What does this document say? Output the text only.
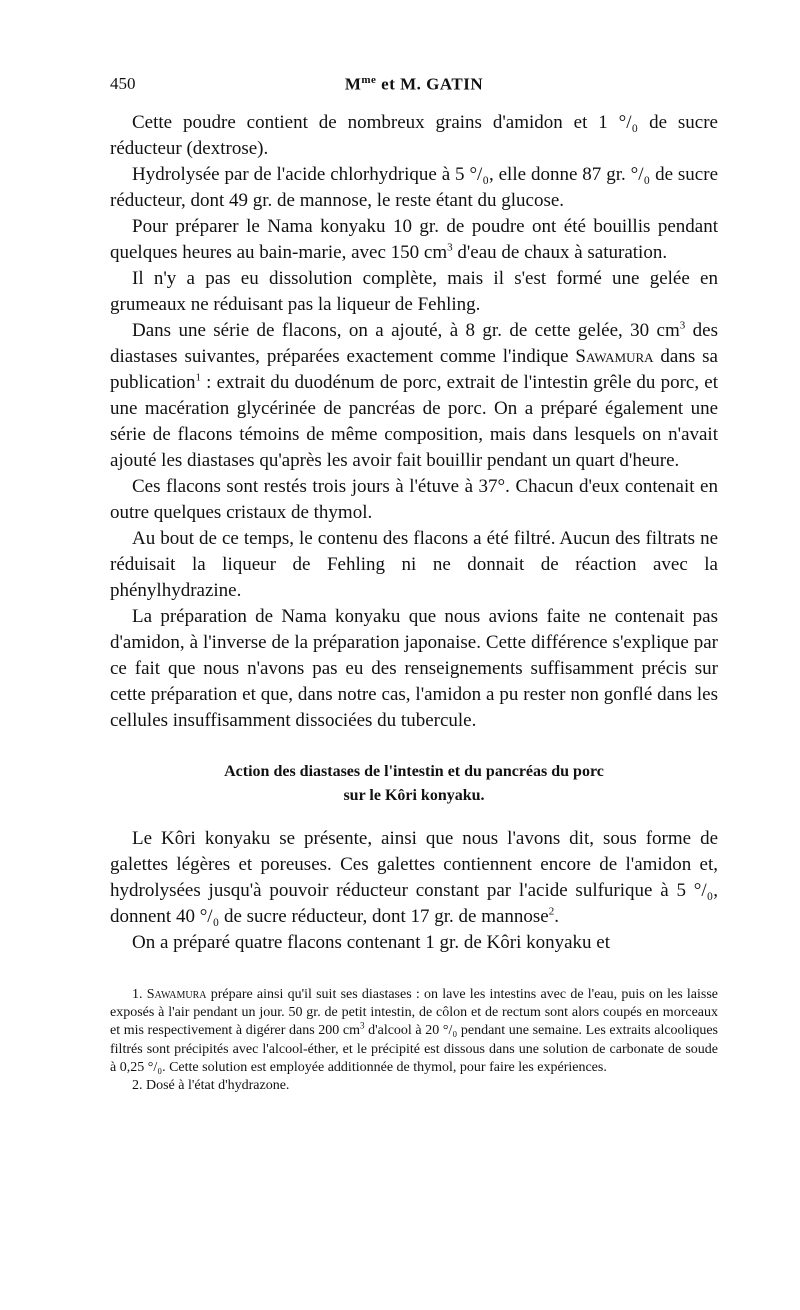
450	$M^{me}$ et M. GATIN

Cette poudre contient de nombreux grains d'amidon et 1 °/₀ de sucre réducteur (dextrose).

Hydrolysée par de l'acide chlorhydrique à 5 °/₀, elle donne 87 gr. °/₀ de sucre réducteur, dont 49 gr. de mannose, le reste étant du glucose.

Pour préparer le Nama konyaku 10 gr. de poudre ont été bouillis pendant quelques heures au bain-marie, avec 150 $cm^3$ d'eau de chaux à saturation.

Il n'y a pas eu dissolution complète, mais il s'est formé une gelée en grumeaux ne réduisant pas la liqueur de Fehling.

Dans une série de flacons, on a ajouté, à 8 gr. de cette gelée, 30 $cm^3$ des diastases suivantes, préparées exactement comme l'indique Sawamura dans sa publication$^1$ : extrait du duodénum de porc, extrait de l'intestin grêle du porc, et une macération glycérinée de pancréas de porc. On a préparé également une série de flacons témoins de même composition, mais dans lesquels on n'avait ajouté les diastases qu'après les avoir fait bouillir pendant un quart d'heure.

Ces flacons sont restés trois jours à l'étuve à 37°. Chacun d'eux contenait en outre quelques cristaux de thymol.

Au bout de ce temps, le contenu des flacons a été filtré. Aucun des filtrats ne réduisait la liqueur de Fehling ni ne donnait de réaction avec la phénylhydrazine.

La préparation de Nama konyaku que nous avions faite ne contenait pas d'amidon, à l'inverse de la préparation japonaise. Cette différence s'explique par ce fait que nous n'avons pas eu des renseignements suffisamment précis sur cette préparation et que, dans notre cas, l'amidon a pu rester non gonflé dans les cellules insuffisamment dissociées du tubercule.

Action des diastases de l'intestin et du pancréas du porc
sur le Kôri konyaku.

Le Kôri konyaku se présente, ainsi que nous l'avons dit, sous forme de galettes légères et poreuses. Ces galettes contiennent encore de l'amidon et, hydrolysées jusqu'à pouvoir réducteur constant par l'acide sulfurique à 5 °/₀, donnent 40 °/₀ de sucre réducteur, dont 17 gr. de mannose$^2$.

On a préparé quatre flacons contenant 1 gr. de Kôri konyaku et

1. Sawamura prépare ainsi qu'il suit ses diastases : on lave les intestins avec de l'eau, puis on les laisse exposés à l'air pendant un jour. 50 gr. de petit intestin, de côlon et de rectum sont alors coupés en morceaux et mis respectivement à digérer dans 200 $cm^3$ d'alcool à 20 °/₀ pendant une semaine. Les extraits alcooliques filtrés sont précipités avec l'alcool-éther, et le précipité est dissous dans une solution de carbonate de soude à 0,25 °/₀. Cette solution est employée additionnée de thymol, pour faire les expériences.

2. Dosé à l'état d'hydrazone.
